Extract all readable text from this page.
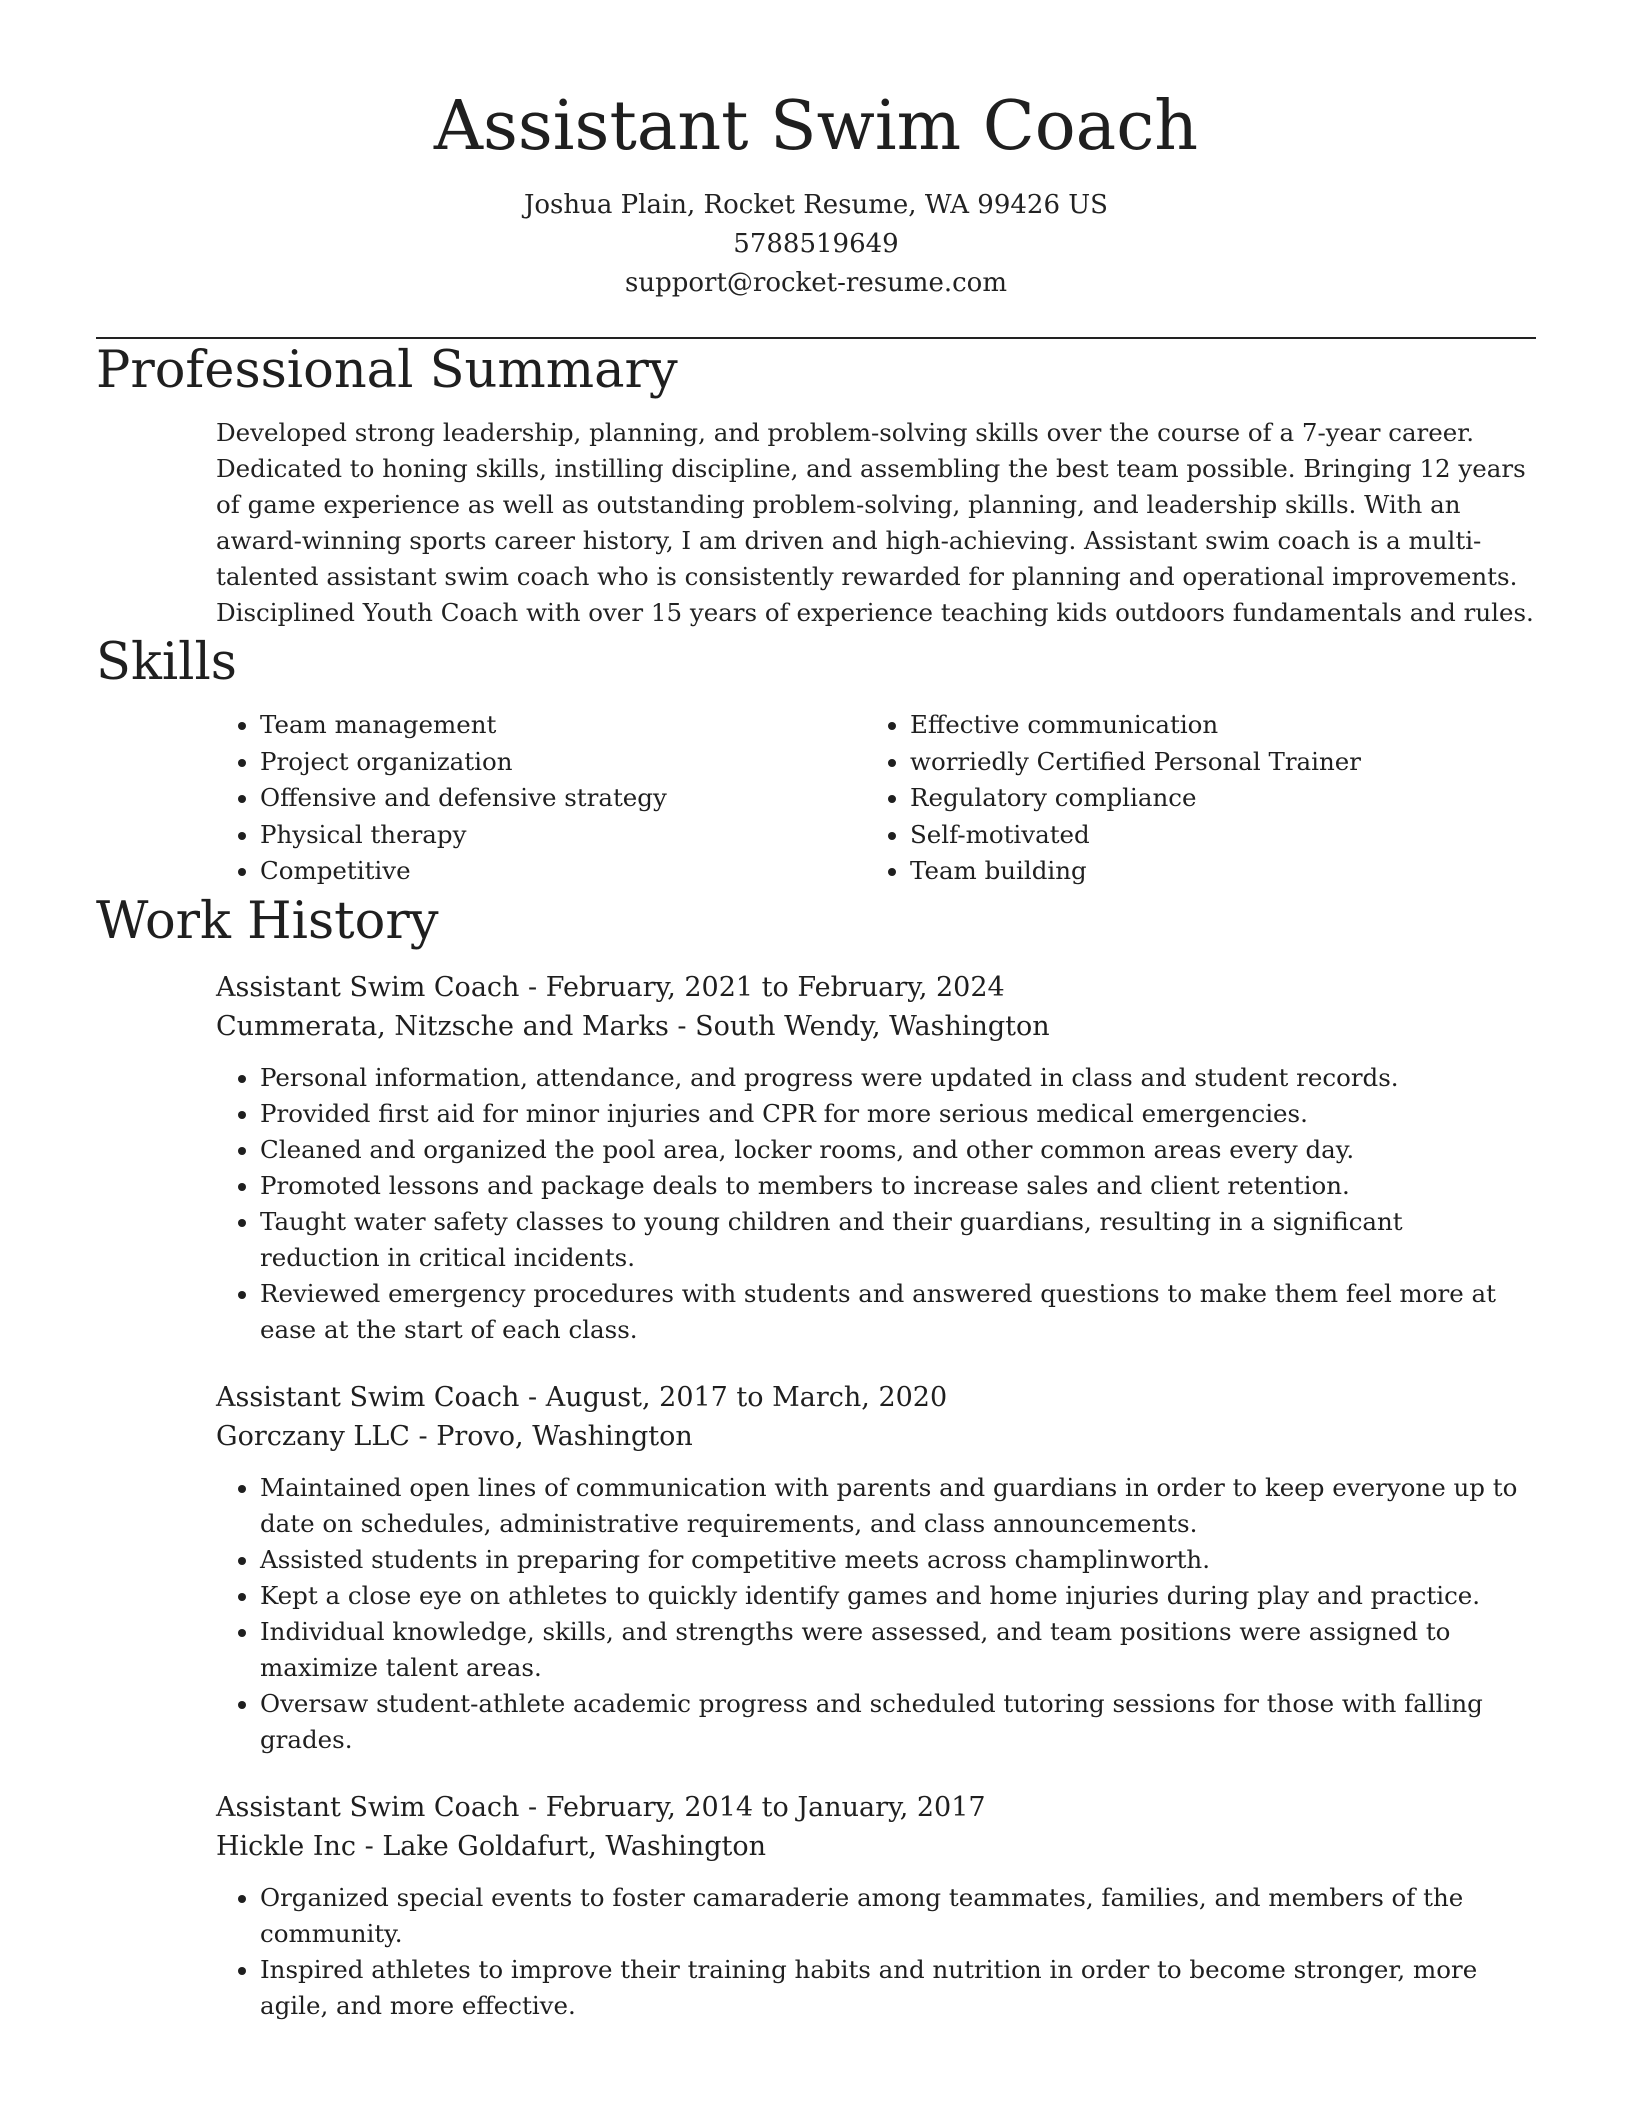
Assistant Swim Coach
Joshua Plain, Rocket Resume, WA 99426 US
5788519649
support@rocket-resume.com
Professional Summary
Developed strong leadership, planning, and problem-solving skills over the course of a 7-year career. Dedicated to honing skills, instilling discipline, and assembling the best team possible. Bringing 12 years of game experience as well as outstanding problem-solving, planning, and leadership skills. With an award-winning sports career history, I am driven and high-achieving. Assistant swim coach is a multi-talented assistant swim coach who is consistently rewarded for planning and operational improvements. Disciplined Youth Coach with over 15 years of experience teaching kids outdoors fundamentals and rules.
Skills
• Team management
• Project organization
• Offensive and defensive strategy
• Physical therapy
• Competitive
• Effective communication
• worriedly Certified Personal Trainer
• Regulatory compliance
• Self-motivated
• Team building
Work History
Assistant Swim Coach - February, 2021 to February, 2024
Cummerata, Nitzsche and Marks - South Wendy, Washington
• Personal information, attendance, and progress were updated in class and student records.
• Provided first aid for minor injuries and CPR for more serious medical emergencies.
• Cleaned and organized the pool area, locker rooms, and other common areas every day.
• Promoted lessons and package deals to members to increase sales and client retention.
• Taught water safety classes to young children and their guardians, resulting in a significant reduction in critical incidents.
• Reviewed emergency procedures with students and answered questions to make them feel more at ease at the start of each class.
Assistant Swim Coach - August, 2017 to March, 2020
Gorczany LLC - Provo, Washington
• Maintained open lines of communication with parents and guardians in order to keep everyone up to date on schedules, administrative requirements, and class announcements.
• Assisted students in preparing for competitive meets across champlinworth.
• Kept a close eye on athletes to quickly identify games and home injuries during play and practice.
• Individual knowledge, skills, and strengths were assessed, and team positions were assigned to maximize talent areas.
• Oversaw student-athlete academic progress and scheduled tutoring sessions for those with falling grades.
Assistant Swim Coach - February, 2014 to January, 2017
Hickle Inc - Lake Goldafurt, Washington
• Organized special events to foster camaraderie among teammates, families, and members of the community.
• Inspired athletes to improve their training habits and nutrition in order to become stronger, more agile, and more effective.
